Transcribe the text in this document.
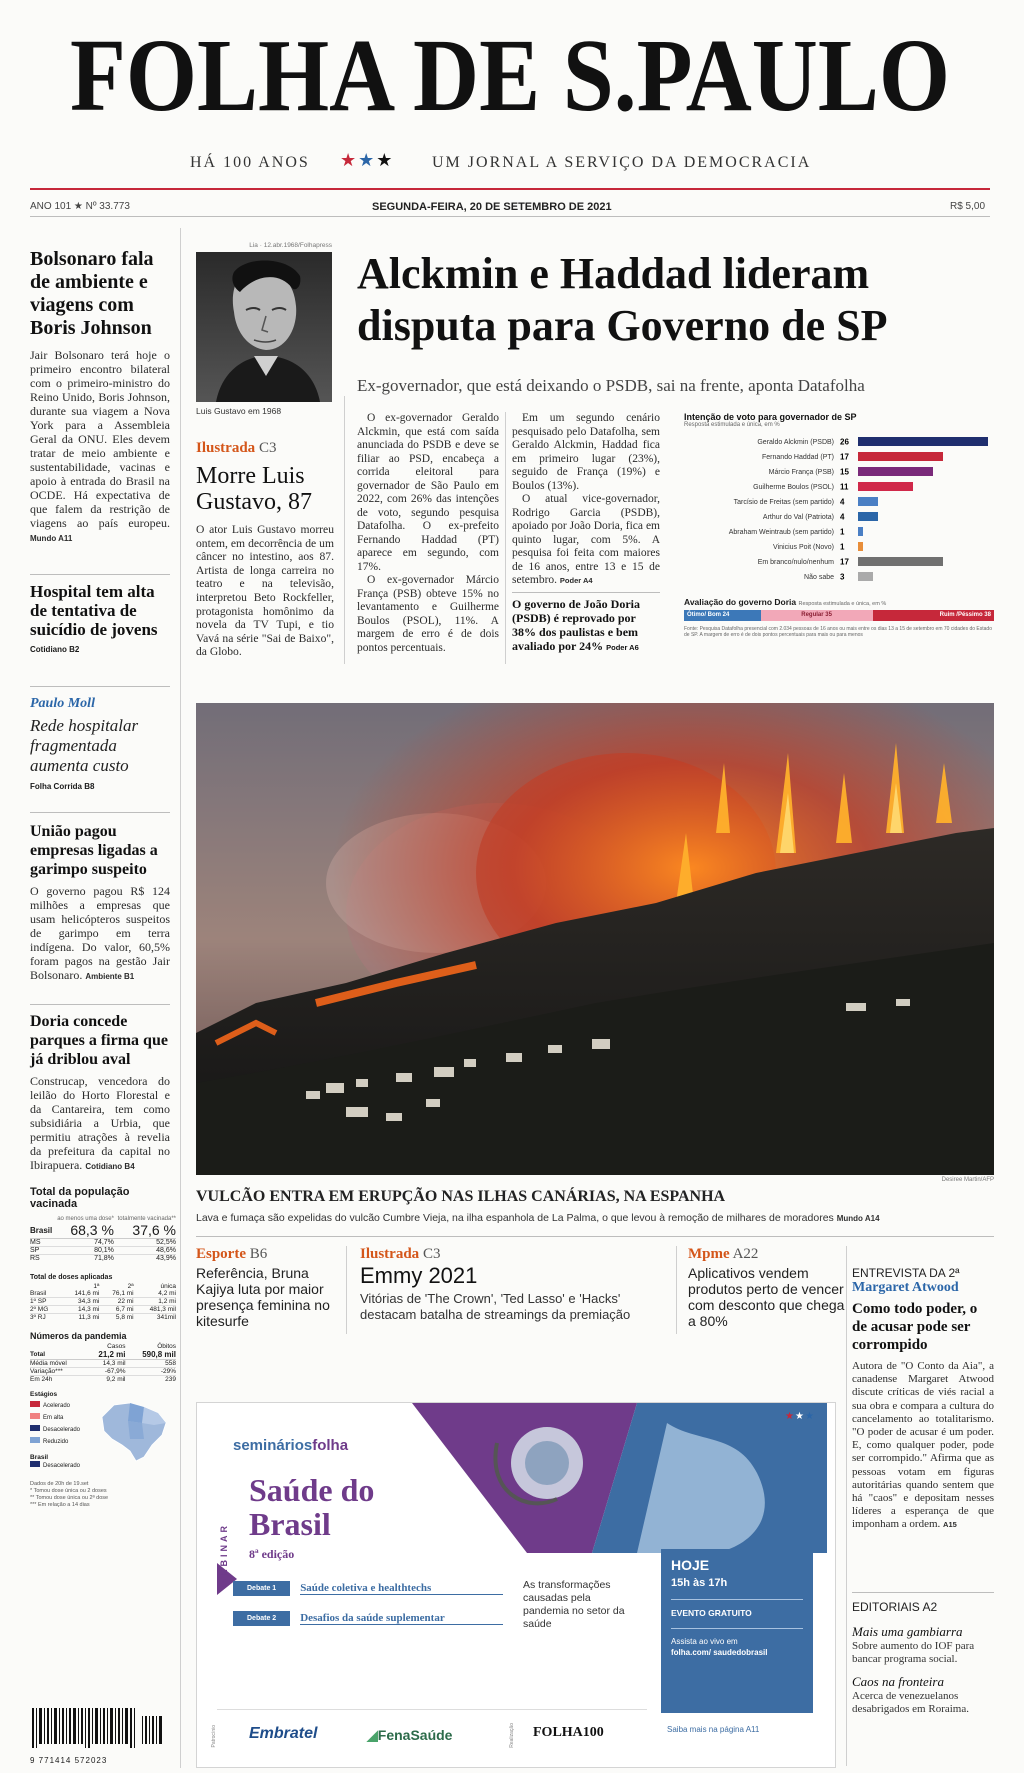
FOLHA DE S.PAULO
HÁ 100 ANOS ★★★ UM JORNAL A SERVIÇO DA DEMOCRACIA
ANO 101 ★ Nº 33.773	SEGUNDA-FEIRA, 20 DE SETEMBRO DE 2021	R$ 5,00
Bolsonaro fala de ambiente e viagens com Boris Johnson
Jair Bolsonaro terá hoje o primeiro encontro bilateral com o primeiro-ministro do Reino Unido, Boris Johnson, durante sua viagem a Nova York para a Assembleia Geral da ONU. Eles devem tratar de meio ambiente e sustentabilidade, vacinas e apoio à entrada do Brasil na OCDE. Há expectativa de que falem da restrição de viagens ao país europeu. Mundo A11
Hospital tem alta de tentativa de suicídio de jovens
Cotidiano B2
Paulo Moll
Rede hospitalar fragmentada aumenta custo
Folha Corrida B8
União pagou empresas ligadas a garimpo suspeito
O governo pagou R$ 124 milhões a empresas que usam helicópteros suspeitos de garimpo em terra indígena. Do valor, 60,5% foram pagos na gestão Jair Bolsonaro. Ambiente B1
Doria concede parques a firma que já driblou aval
Construcap, vencedora do leilão do Horto Florestal e da Cantareira, tem como subsidiária a Urbia, que permitiu atrações à revelia da prefeitura da capital no Ibirapuera. Cotidiano B4
Total da população vacinada
	ao menos uma dose*	totalmente vacinada**
Brasil	68,3 %	37,6 %
MS	74,7%	52,5%
SP	80,1%	48,6%
RS	71,8%	43,9%
Total de doses aplicadas
	1ª	2ª	única
Brasil	141,6 mi	76,1 mi	4,2 mi
1º SP	34,3 mi	22 mi	1,2 mi
2º MG	14,3 mi	6,7 mi	481,3 mil
3º RJ	11,3 mi	5,8 mi	341mil
Números da pandemia
	Casos	Óbitos
Total	21,2 mi	590,8 mil
Média móvel	14,3 mil	558
Variação***	-67,9%	-29%
Em 24h	9,2 mil	239
Estágios
Acelerado
Em alta
Desacelerado
Reduzido
Brasil
Desacelerado
Dados de 20h de 19.set
* Tomou dose única ou 2 doses
** Tomou dose única ou 2ª dose
*** Em relação a 14 dias
9 771414 572023
Lia · 12.abr.1968/Folhapress
Luis Gustavo em 1968
Ilustrada C3
Morre Luis Gustavo, 87
O ator Luis Gustavo morreu ontem, em decorrência de um câncer no intestino, aos 87. Artista de longa carreira no teatro e na televisão, interpretou Beto Rockfeller, protagonista homônimo da novela da TV Tupi, e tio Vavá na série "Sai de Baixo", da Globo.
Alckmin e Haddad lideram disputa para Governo de SP
Ex-governador, que está deixando o PSDB, sai na frente, aponta Datafolha
O ex-governador Geraldo Alckmin, que está com saída anunciada do PSDB e deve se filiar ao PSD, encabeça a corrida eleitoral para governador de São Paulo em 2022, com 26% das intenções de voto, segundo pesquisa Datafolha. O ex-prefeito Fernando Haddad (PT) aparece em segundo, com 17%.
O ex-governador Márcio França (PSB) obteve 15% no levantamento e Guilherme Boulos (PSOL), 11%. A margem de erro é de dois pontos percentuais.
Em um segundo cenário pesquisado pelo Datafolha, sem Geraldo Alckmin, Haddad fica em primeiro lugar (23%), seguido de França (19%) e Boulos (13%).
O atual vice-governador, Rodrigo Garcia (PSDB), apoiado por João Doria, fica em quinto lugar, com 5%. A pesquisa foi feita com maiores de 16 anos, entre 13 e 15 de setembro. Poder A4
O governo de João Doria (PSDB) é reprovado por 38% dos paulistas e bem avaliado por 24% Poder A6
Intenção de voto para governador de SP
Resposta estimulada e única, em %
Geraldo Alckmin (PSDB) 26
Fernando Haddad (PT) 17
Márcio França (PSB) 15
Guilherme Boulos (PSOL) 11
Tarcísio de Freitas (sem partido) 4
Arthur do Val (Patriota) 4
Abraham Weintraub (sem partido) 1
Vinicius Poit (Novo) 1
Em branco/nulo/nenhum 17
Não sabe 3
Avaliação do governo Doria Resposta estimulada e única, em %
Ótimo/ Bom 24	Regular 35	Ruim /Péssimo 38
Fonte: Pesquisa Datafolha presencial com 2.034 pessoas de 16 anos ou mais entre os dias 13 a 15 de setembro em 70 cidades do Estado de SP. A margem de erro é de dois pontos percentuais para mais ou para menos
Desiree Martin/AFP
VULCÃO ENTRA EM ERUPÇÃO NAS ILHAS CANÁRIAS, NA ESPANHA
Lava e fumaça são expelidas do vulcão Cumbre Vieja, na ilha espanhola de La Palma, o que levou à remoção de milhares de moradores Mundo A14
Esporte B6
Referência, Bruna Kajiya luta por maior presença feminina no kitesurfe
Ilustrada C3
Emmy 2021
Vitórias de 'The Crown', 'Ted Lasso' e 'Hacks' destacam batalha de streamings da premiação
Mpme A22
Aplicativos vendem produtos perto de vencer com desconto que chega a 80%
ENTREVISTA DA 2ª
Margaret Atwood
Como todo poder, o de acusar pode ser corrompido
Autora de "O Conto da Aia", a canadense Margaret Atwood discute críticas de viés racial a sua obra e compara a cultura do cancelamento ao totalitarismo. "O poder de acusar é um poder. E, como qualquer poder, pode ser corrompido." Afirma que as pessoas votam em figuras autoritárias quando sentem que há "caos" e depositam nesses líderes a esperança de que imponham a ordem. A15
EDITORIAIS A2
Mais uma gambiarra
Sobre aumento do IOF para bancar programa social.
Caos na fronteira
Acerca de venezuelanos desabrigados em Roraima.
semináriosfolha
WEBINAR
Saúde do Brasil
8ª edição
Debate 1	Saúde coletiva e healthtechs
Debate 2	Desafios da saúde suplementar
As transformações causadas pela pandemia no setor da saúde
HOJE
15h às 17h
EVENTO GRATUITO
Assista ao vivo em
folha.com/ saudedobrasil
Saiba mais na página A11
★★★
Patrocínio Embratel	◢FenaSaúde	Realização FOLHA100
